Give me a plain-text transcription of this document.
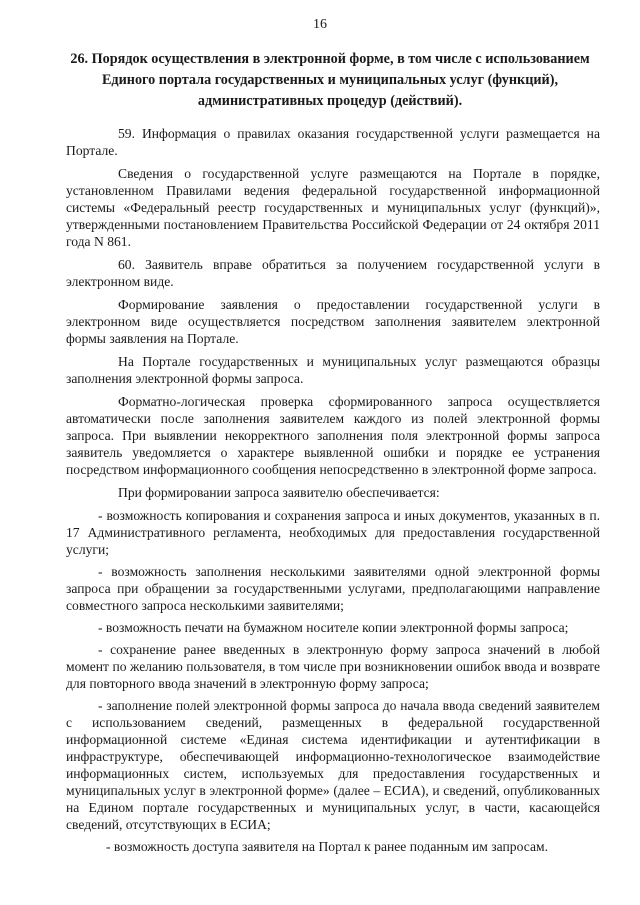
16
26. Порядок осуществления в электронной форме, в том числе с использованием Единого портала государственных и муниципальных услуг (функций), административных процедур (действий).

59. Информация о правилах оказания государственной услуги размещается на Портале.

Сведения о государственной услуге размещаются на Портале в порядке, установленном Правилами ведения федеральной государственной информационной системы «Федеральный реестр государственных и муниципальных услуг (функций)», утвержденными постановлением Правительства Российской Федерации от 24 октября 2011 года N 861.

60. Заявитель вправе обратиться за получением государственной услуги в электронном виде.

Формирование заявления о предоставлении государственной услуги в электронном виде осуществляется посредством заполнения заявителем электронной формы заявления на Портале.

На Портале государственных и муниципальных услуг размещаются образцы заполнения электронной формы запроса.

Форматно-логическая проверка сформированного запроса осуществляется автоматически после заполнения заявителем каждого из полей электронной формы запроса. При выявлении некорректного заполнения поля электронной формы запроса заявитель уведомляется о характере выявленной ошибки и порядке ее устранения посредством информационного сообщения непосредственно в электронной форме запроса.

При формировании запроса заявителю обеспечивается:

- возможность копирования и сохранения запроса и иных документов, указанных в п. 17 Административного регламента, необходимых для предоставления государственной услуги;

- возможность заполнения несколькими заявителями одной электронной формы запроса при обращении за государственными услугами, предполагающими направление совместного запроса несколькими заявителями;

- возможность печати на бумажном носителе копии электронной формы запроса;

- сохранение ранее введенных в электронную форму запроса значений в любой момент по желанию пользователя, в том числе при возникновении ошибок ввода и возврате для повторного ввода значений в электронную форму запроса;

- заполнение полей электронной формы запроса до начала ввода сведений заявителем с использованием сведений, размещенных в федеральной государственной информационной системе «Единая система идентификации и аутентификации в инфраструктуре, обеспечивающей информационно-технологическое взаимодействие информационных систем, используемых для предоставления государственных и муниципальных услуг в электронной форме» (далее – ЕСИА), и сведений, опубликованных на Едином портале государственных и муниципальных услуг, в части, касающейся сведений, отсутствующих в ЕСИА;

- возможность доступа заявителя на Портал к ранее поданным им запросам.
